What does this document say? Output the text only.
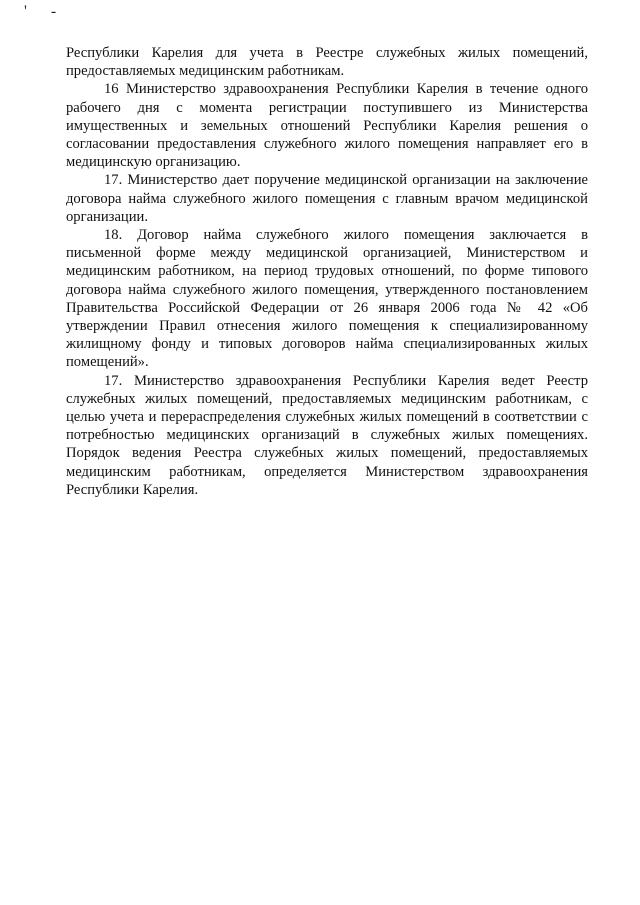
' -

Республики Карелия для учета в Реестре служебных жилых помещений, предоставляемых медицинским работникам.

16 Министерство здравоохранения Республики Карелия в течение одного рабочего дня с момента регистрации поступившего из Министерства имущественных и земельных отношений Республики Карелия решения о согласовании предоставления служебного жилого помещения направляет его в медицинскую организацию.

17. Министерство дает поручение медицинской организации на заключение договора найма служебного жилого помещения с главным врачом медицинской организации.

18. Договор найма служебного жилого помещения заключается в письменной форме между медицинской организацией, Министерством и медицинским работником, на период трудовых отношений, по форме типового договора найма служебного жилого помещения, утвержденного постановлением Правительства Российской Федерации от 26 января 2006 года № 42 «Об утверждении Правил отнесения жилого помещения к специализированному жилищному фонду и типовых договоров найма специализированных жилых помещений».

17. Министерство здравоохранения Республики Карелия ведет Реестр служебных жилых помещений, предоставляемых медицинским работникам, с целью учета и перераспределения служебных жилых помещений в соответствии с потребностью медицинских организаций в служебных жилых помещениях. Порядок ведения Реестра служебных жилых помещений, предоставляемых медицинским работникам, определяется Министерством здравоохранения Республики Карелия.
